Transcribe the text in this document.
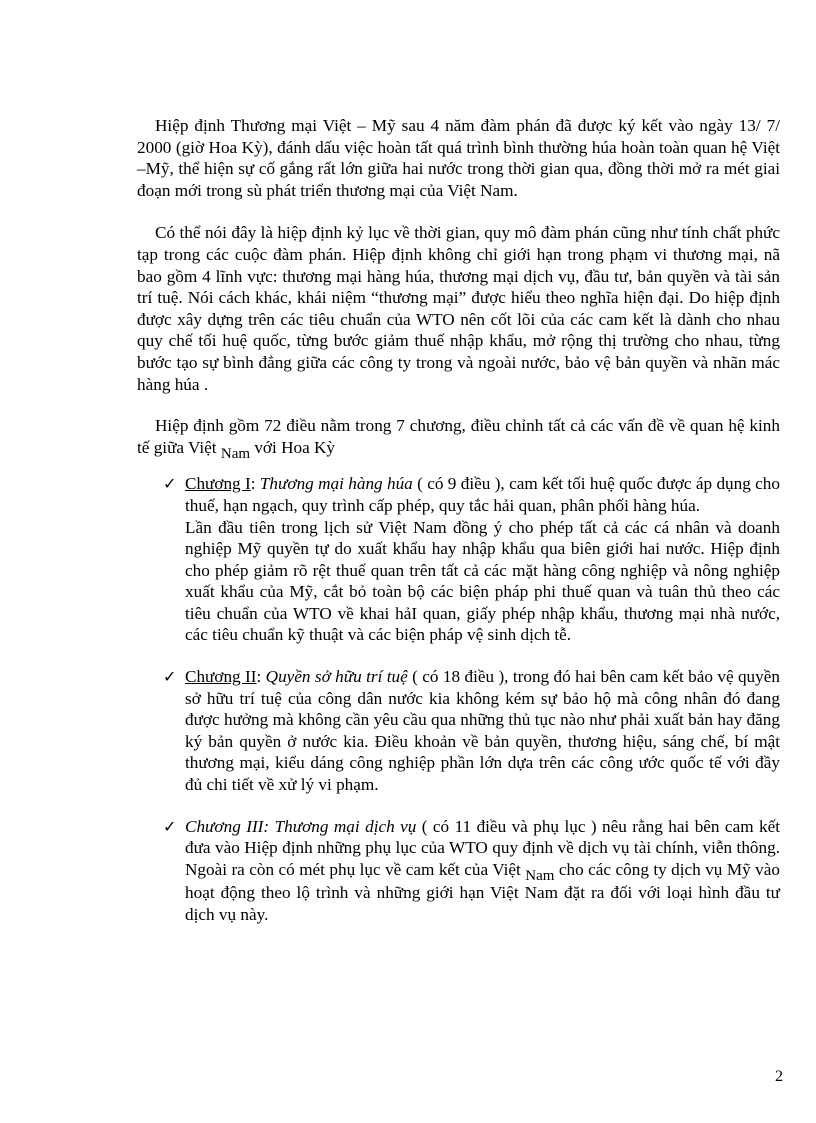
Hiệp định Thương mại Việt – Mỹ sau 4 năm đàm phán đã được ký kết vào ngày 13/ 7/ 2000 (giờ Hoa Kỳ), đánh dấu việc hoàn tất quá trình bình thường húa hoàn toàn quan hệ Việt –Mỹ, thể hiện sự cố gắng rất lớn giữa hai nước trong thời gian qua, đồng thời mở ra mét giai đoạn mới trong sù phát triển thương mại của Việt Nam.

Có thể nói đây là hiệp định kỷ lục về thời gian, quy mô đàm phán cũng như tính chất phức tạp trong các cuộc đàm phán. Hiệp định không chỉ giới hạn trong phạm vi thương mại, nã bao gồm 4 lĩnh vực: thương mại hàng húa, thương mại dịch vụ, đầu tư, bản quyền và tài sản trí tuệ. Nói cách khác, khái niệm “thương mại” được hiểu theo nghĩa hiện đại. Do hiệp định được xây dựng trên các tiêu chuẩn của WTO nên cốt lõi của các cam kết là dành cho nhau quy chế tối huệ quốc, từng bước giảm thuế nhập khẩu, mở rộng thị trường cho nhau, từng bước tạo sự bình đẳng giữa các công ty trong và ngoài nước, bảo vệ bản quyền và nhãn mác hàng húa .

Hiệp định gồm 72 điều nằm trong 7 chương, điều chỉnh tất cả các vấn đề về quan hệ kinh tế giữa Việt Nam với Hoa Kỳ

✓ Chương I: Thương mại hàng húa ( có 9 điều ), cam kết tối huệ quốc được áp dụng cho thuế, hạn ngạch, quy trình cấp phép, quy tắc hải quan, phân phối hàng húa.

Lần đầu tiên trong lịch sử Việt Nam đồng ý cho phép tất cả các cá nhân và doanh nghiệp Mỹ quyền tự do xuất khẩu hay nhập khẩu qua biên giới hai nước. Hiệp định cho phép giảm rõ rệt thuế quan trên tất cả các mặt hàng công nghiệp và nông nghiệp xuất khẩu của Mỹ, cắt bỏ toàn bộ các biện pháp phi thuế quan và tuân thủ theo các tiêu chuẩn của WTO về khai hảI quan, giấy phép nhập khẩu, thương mại nhà nước, các tiêu chuẩn kỹ thuật và các biện pháp vệ sinh dịch tễ.

✓ Chương II: Quyền sở hữu trí tuệ ( có 18 điều ), trong đó hai bên cam kết bảo vệ quyền sở hữu trí tuệ của công dân nước kia không kém sự bảo hộ mà công nhân đó đang được hưởng mà không cần yêu cầu qua những thủ tục nào như phải xuất bản hay đăng ký bản quyền ở nước kia. Điều khoản về bản quyền, thương hiệu, sáng chế, bí mật thương mại, kiểu dáng công nghiệp phần lớn dựa trên các công ước quốc tế với đầy đủ chi tiết về xử lý vi phạm.

✓ Chương III: Thương mại dịch vụ ( có 11 điều và phụ lục ) nêu rằng hai bên cam kết đưa vào Hiệp định những phụ lục của WTO quy định về dịch vụ tài chính, viễn thông. Ngoài ra còn có mét phụ lục về cam kết của Việt Nam cho các công ty dịch vụ Mỹ vào hoạt động theo lộ trình và những giới hạn Việt Nam đặt ra đối với loại hình đầu tư dịch vụ này.

2
